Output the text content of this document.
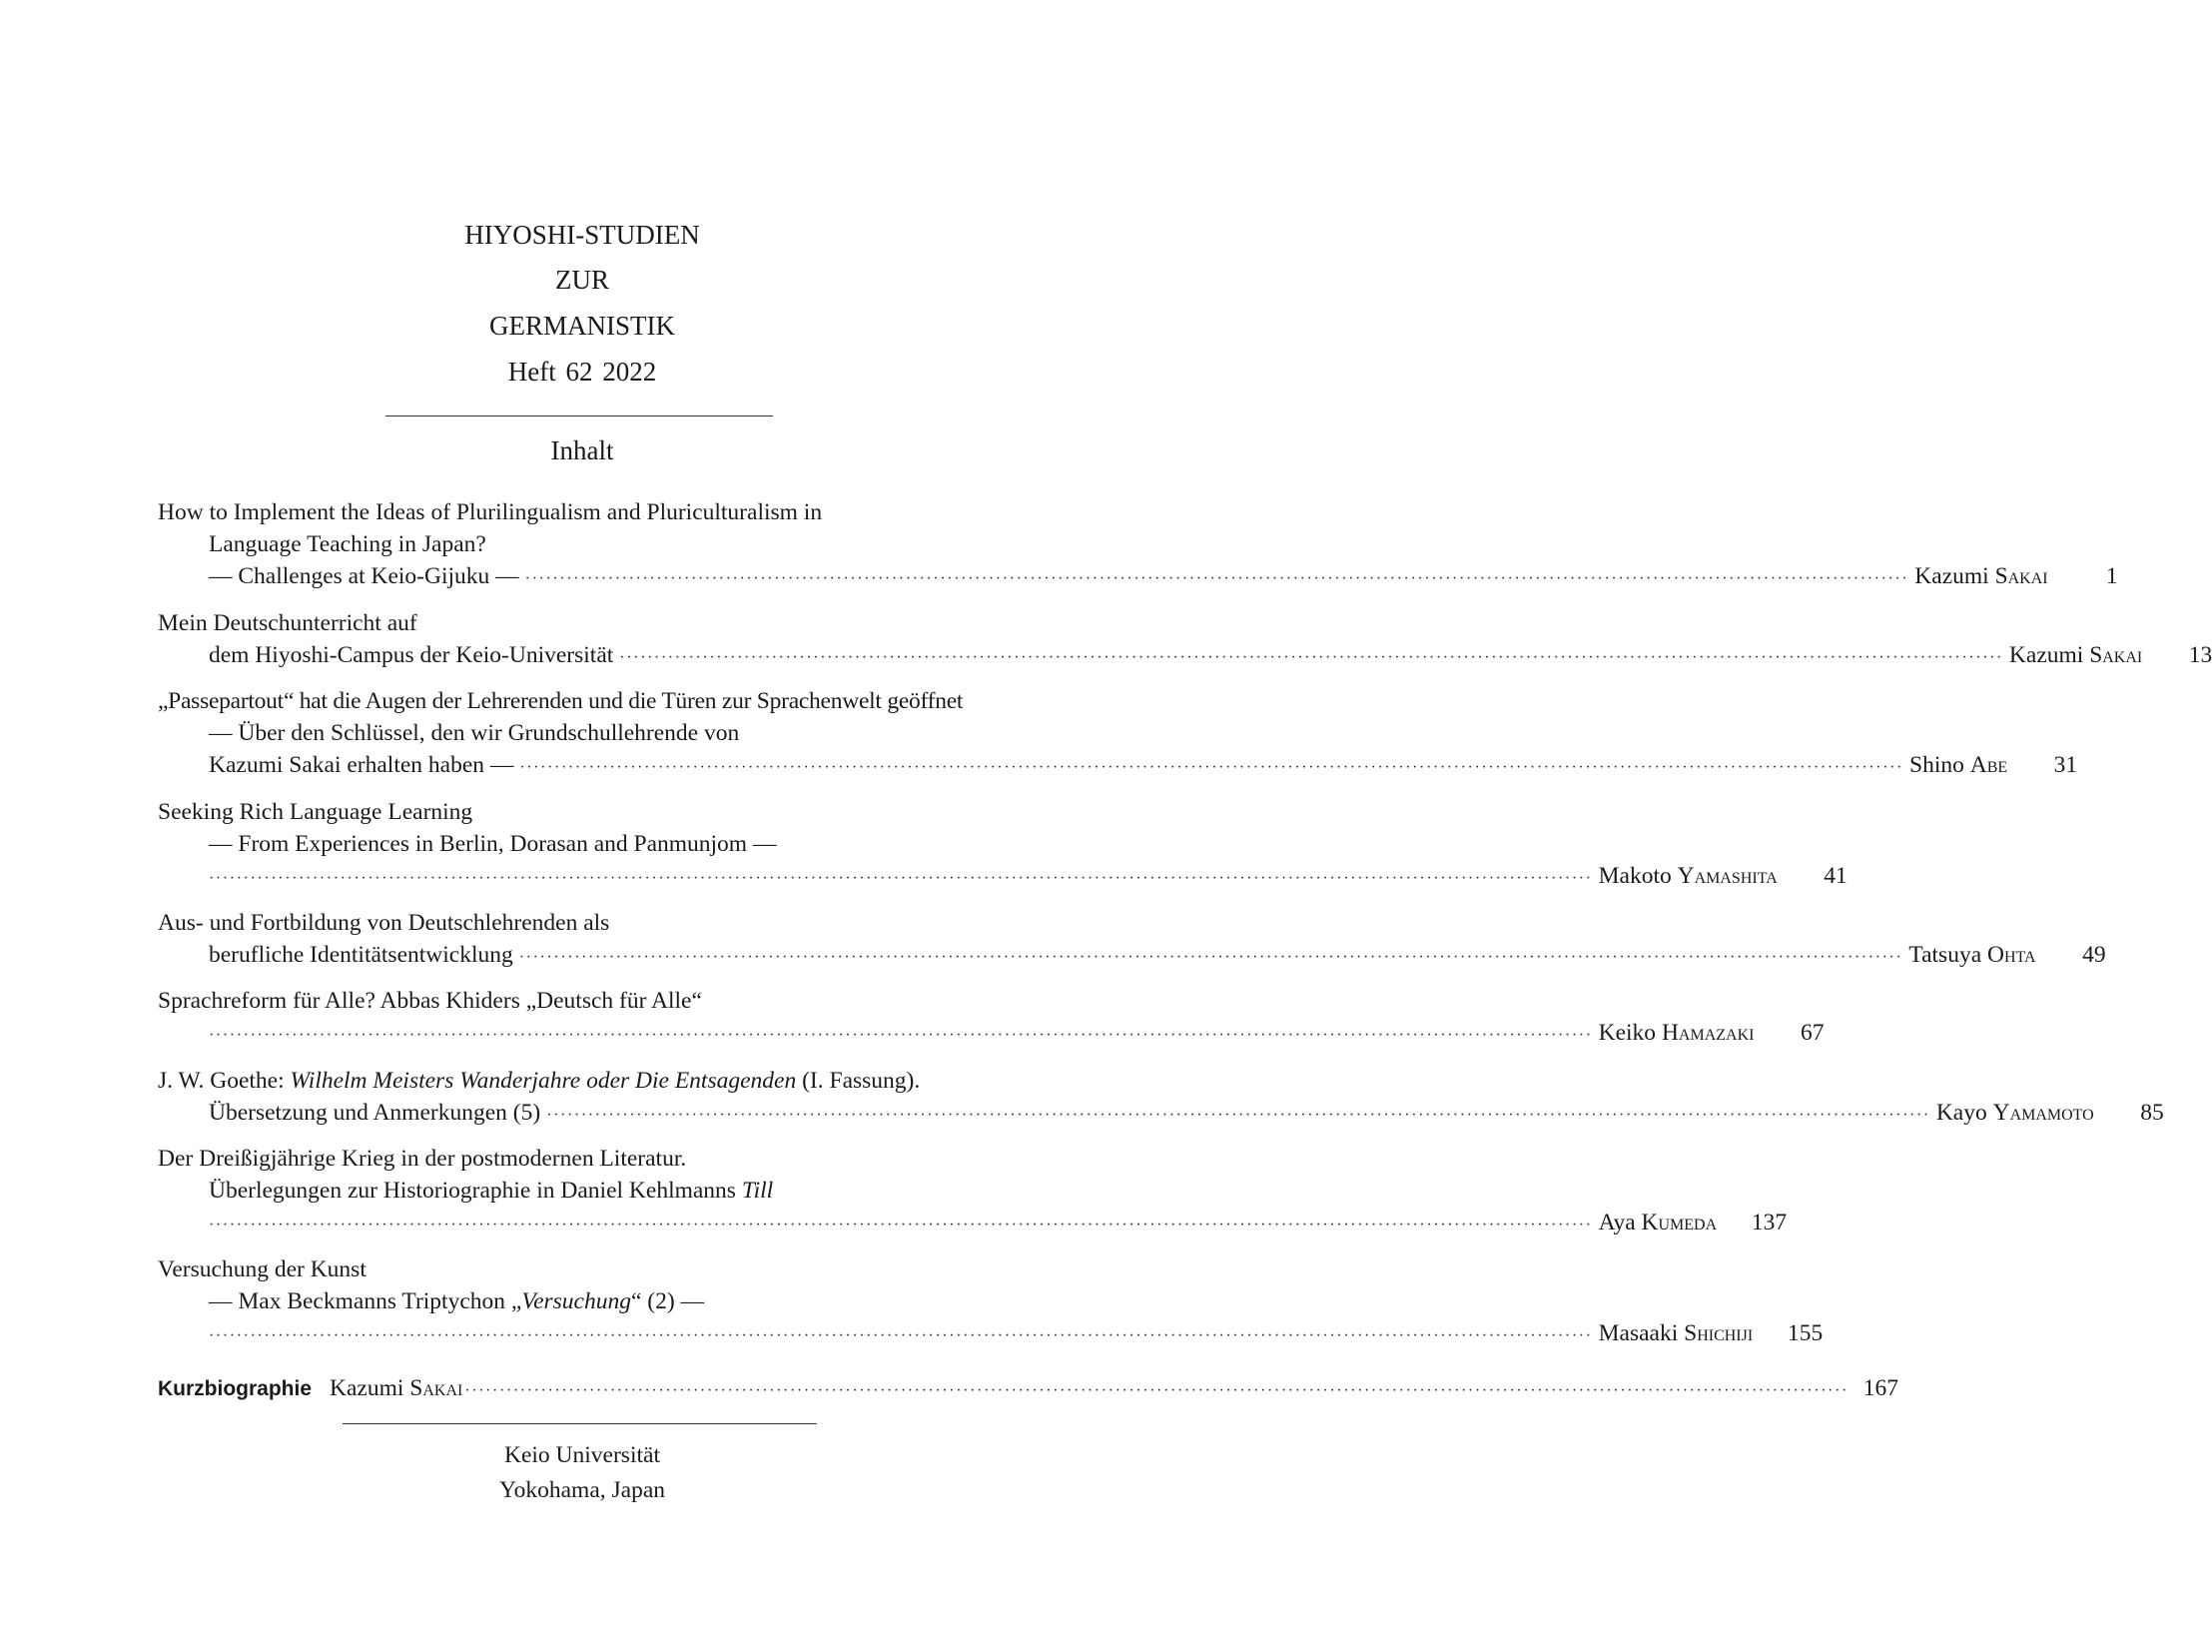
HIYOSHI-STUDIEN
ZUR
GERMANISTIK
Heft 62 2022
Inhalt
How to Implement the Ideas of Plurilingualism and Pluriculturalism in
Language Teaching in Japan?
— Challenges at Keio-Gijuku — ········································································································································································································ Kazumi Sakai	1
Mein Deutschunterricht auf
dem Hiyoshi-Campus der Keio-Universität ········································································································································································································ Kazumi Sakai	13
„Passepartout“ hat die Augen der Lehrerenden und die Türen zur Sprachenwelt geöffnet
— Über den Schlüssel, den wir Grundschullehrende von
Kazumi Sakai erhalten haben — ········································································································································································································ Shino Abe	31
Seeking Rich Language Learning
— From Experiences in Berlin, Dorasan and Panmunjom —
········································································································································································································ Makoto Yamashita	41
Aus- und Fortbildung von Deutschlehrenden als
berufliche Identitätsentwicklung ········································································································································································································ Tatsuya Ohta	49
Sprachreform für Alle? Abbas Khiders „Deutsch für Alle“
········································································································································································································ Keiko Hamazaki	67
J. W. Goethe: Wilhelm Meisters Wanderjahre oder Die Entsagenden (I. Fassung).
Übersetzung und Anmerkungen (5) ········································································································································································································ Kayo Yamamoto	85
Der Dreißigjährige Krieg in der postmodernen Literatur.
Überlegungen zur Historiographie in Daniel Kehlmanns Till
········································································································································································································ Aya Kumeda	137
Versuchung der Kunst
— Max Beckmanns Triptychon „Versuchung“ (2) —
········································································································································································································ Masaaki Shichiji	155
Kurzbiographie Kazumi Sakai ········································································································································································································ 167
Keio Universität
Yokohama, Japan
